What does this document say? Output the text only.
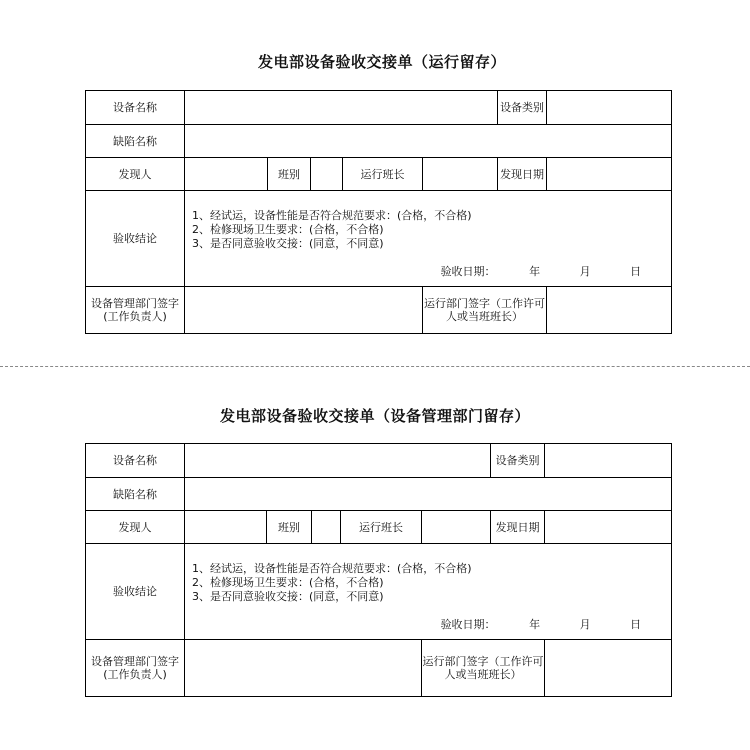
发电部设备验收交接单（运行留存）
设备名称						设备类别	
缺陷名称							
发现人		班别		运行班长		发现日期	
验收结论	1、经试运，设备性能是否符合规范要求：(合格，不合格)
2、检修现场卫生要求：(合格，不合格)
3、是否同意验收交接：(同意，不同意)
验收日期： 年 月 日						

设备管理部门签字(工作负责人)					运行部门签字（工作许可人或当班班长）		
发电部设备验收交接单（设备管理部门留存）
设备名称						设备类别	
缺陷名称							
发现人		班别		运行班长		发现日期	
验收结论	1、经试运，设备性能是否符合规范要求：(合格，不合格)
2、检修现场卫生要求：(合格，不合格)
3、是否同意验收交接：(同意，不同意)
验收日期： 年 月 日						

设备管理部门签字(工作负责人)					运行部门签字（工作许可人或当班班长）		
